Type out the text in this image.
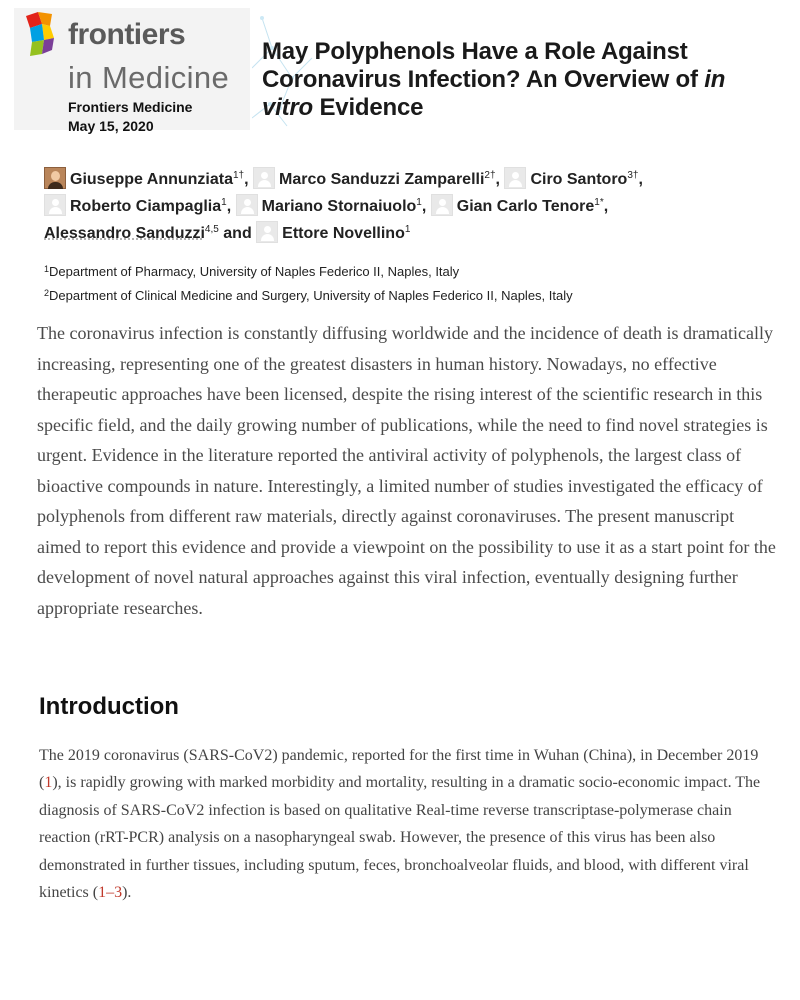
frontiers
in Medicine
Frontiers Medicine
May 15, 2020
May Polyphenols Have a Role Against Coronavirus Infection? An Overview of in vitro Evidence
Giuseppe Annunziata$^{1\dagger}$, Marco Sanduzzi Zamparelli$^{2\dagger}$, Ciro Santoro$^{3\dagger}$, Roberto Ciampaglia$^1$, Mariano Stornaiuolo$^1$, Gian Carlo Tenore$^{1*}$, Alessandro Sanduzzi$^{4,5}$ and Ettore Novellino$^1$
$^1$Department of Pharmacy, University of Naples Federico II, Naples, Italy
$^2$Department of Clinical Medicine and Surgery, University of Naples Federico II, Naples, Italy

The coronavirus infection is constantly diffusing worldwide and the incidence of death is dramatically increasing, representing one of the greatest disasters in human history. Nowadays, no effective therapeutic approaches have been licensed, despite the rising interest of the scientific research in this specific field, and the daily growing number of publications, while the need to find novel strategies is urgent. Evidence in the literature reported the antiviral activity of polyphenols, the largest class of bioactive compounds in nature. Interestingly, a limited number of studies investigated the efficacy of polyphenols from different raw materials, directly against coronaviruses. The present manuscript aimed to report this evidence and provide a viewpoint on the possibility to use it as a start point for the development of novel natural approaches against this viral infection, eventually designing further appropriate researches.

Introduction

The 2019 coronavirus (SARS-CoV2) pandemic, reported for the first time in Wuhan (China), in December 2019 (1), is rapidly growing with marked morbidity and mortality, resulting in a dramatic socio-economic impact. The diagnosis of SARS-CoV2 infection is based on qualitative Real-time reverse transcriptase-polymerase chain reaction (rRT-PCR) analysis on a nasopharyngeal swab. However, the presence of this virus has been also demonstrated in further tissues, including sputum, feces, bronchoalveolar fluids, and blood, with different viral kinetics (1–3).
